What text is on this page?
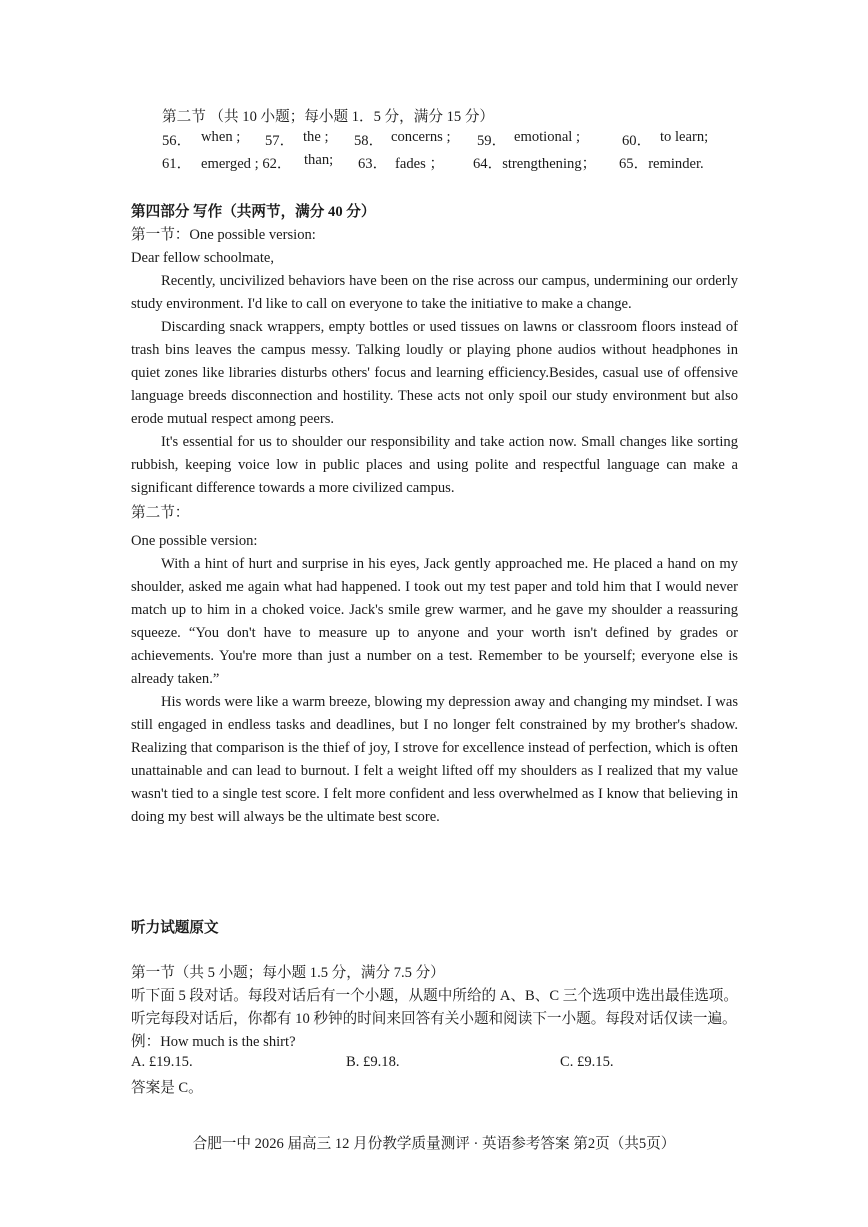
第二节 （共 10 小题；每小题 1．5 分，满分 15 分）
56． when ; 57． the ; 58． concerns ; 59． emotional ;	60． to learn;
61． emerged ; 62． than; 63． fades ； 64．strengthening； 65．reminder.
第四部分 写作（共两节，满分 40 分）
第一节：One possible version:
Dear fellow schoolmate,
Recently, uncivilized behaviors have been on the rise across our campus, undermining our orderly study environment. I'd like to call on everyone to take the initiative to make a change.
Discarding snack wrappers, empty bottles or used tissues on lawns or classroom floors instead of trash bins leaves the campus messy. Talking loudly or playing phone audios without headphones in quiet zones like libraries disturbs others' focus and learning efficiency.Besides, casual use of offensive language breeds disconnection and hostility. These acts not only spoil our study environment but also erode mutual respect among peers.
It's essential for us to shoulder our responsibility and take action now. Small changes like sorting rubbish, keeping voice low in public places and using polite and respectful language can make a significant difference towards a more civilized campus.
第二节：
One possible version:
With a hint of hurt and surprise in his eyes, Jack gently approached me. He placed a hand on my shoulder, asked me again what had happened. I took out my test paper and told him that I would never match up to him in a choked voice. Jack's smile grew warmer, and he gave my shoulder a reassuring squeeze. “You don't have to measure up to anyone and your worth isn't defined by grades or achievements. You're more than just a number on a test. Remember to be yourself; everyone else is already taken.”
His words were like a warm breeze, blowing my depression away and changing my mindset. I was still engaged in endless tasks and deadlines, but I no longer felt constrained by my brother's shadow. Realizing that comparison is the thief of joy, I strove for excellence instead of perfection, which is often unattainable and can lead to burnout. I felt a weight lifted off my shoulders as I realized that my value wasn't tied to a single test score. I felt more confident and less overwhelmed as I know that believing in doing my best will always be the ultimate best score.
听力试题原文
第一节（共 5 小题；每小题 1.5 分，满分 7.5 分）
听下面 5 段对话。每段对话后有一个小题，从题中所给的 A、B、C 三个选项中选出最佳选项。听完每段对话后，你都有 10 秒钟的时间来回答有关小题和阅读下一小题。每段对话仅读一遍。
例：How much is the shirt?
A. £19.15.	B. £9.18.	C. £9.15.
答案是 C。
合肥一中 2026 届高三 12 月份教学质量测评 · 英语参考答案 第2页（共5页）
